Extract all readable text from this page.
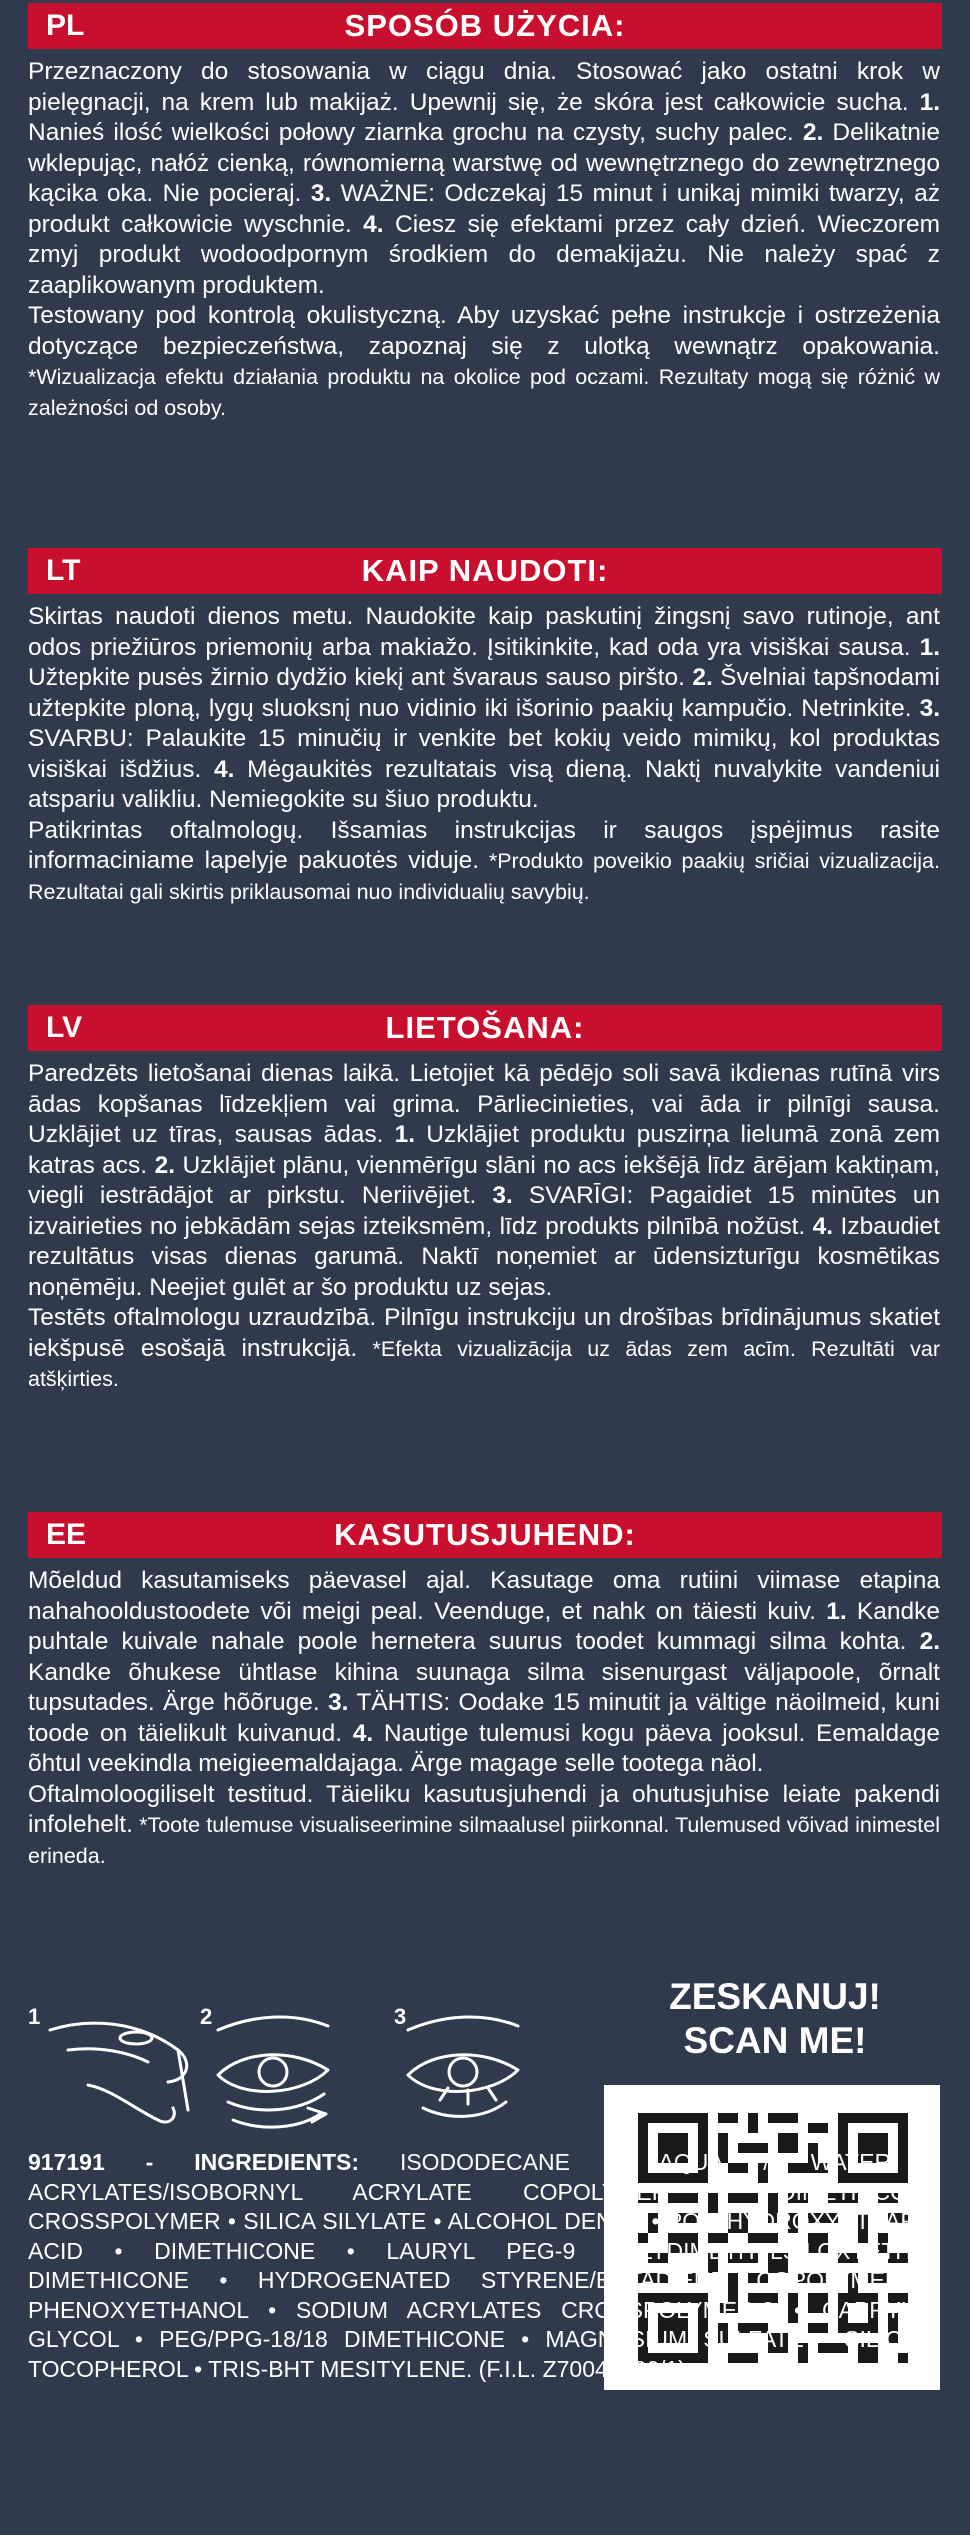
PL	SPOSÓB UŻYCIA:

Przeznaczony do stosowania w ciągu dnia. Stosować jako ostatni krok w pielęgnacji, na krem lub makijaż. Upewnij się, że skóra jest całkowicie sucha. 1. Nanieś ilość wielkości połowy ziarnka grochu na czysty, suchy palec. 2. Delikatnie wklepując, nałóż cienką, równomierną warstwę od wewnętrznego do zewnętrznego kącika oka. Nie pocieraj. 3. WAŻNE: Odczekaj 15 minut i unikaj mimiki twarzy, aż produkt całkowicie wyschnie. 4. Ciesz się efektami przez cały dzień. Wieczorem zmyj produkt wodoodpornym środkiem do demakijażu. Nie należy spać z zaaplikowanym produktem.

Testowany pod kontrolą okulistyczną. Aby uzyskać pełne instrukcje i ostrzeżenia dotyczące bezpieczeństwa, zapoznaj się z ulotką wewnątrz opakowania. *Wizualizacja efektu działania produktu na okolice pod oczami. Rezultaty mogą się różnić w zależności od osoby.

LT	KAIP NAUDOTI:

Skirtas naudoti dienos metu. Naudokite kaip paskutinį žingsnį savo rutinoje, ant odos priežiūros priemonių arba makiažo. Įsitikinkite, kad oda yra visiškai sausa. 1. Užtepkite pusės žirnio dydžio kiekį ant švaraus sauso piršto. 2. Švelniai tapšnodami užtepkite ploną, lygų sluoksnį nuo vidinio iki išorinio paakių kampučio. Netrinkite. 3. SVARBU: Palaukite 15 minučių ir venkite bet kokių veido mimikų, kol produktas visiškai išdžius. 4. Mėgaukitės rezultatais visą dieną. Naktį nuvalykite vandeniui atspariu valikliu. Nemiegokite su šiuo produktu.

Patikrintas oftalmologų. Išsamias instrukcijas ir saugos įspėjimus rasite informaciniame lapelyje pakuotės viduje. *Produkto poveikio paakių sričiai vizualizacija. Rezultatai gali skirtis priklausomai nuo individualių savybių.

LV	LIETOŠANA:

Paredzēts lietošanai dienas laikā. Lietojiet kā pēdējo soli savā ikdienas rutīnā virs ādas kopšanas līdzekļiem vai grima. Pārliecinieties, vai āda ir pilnīgi sausa. Uzklājiet uz tīras, sausas ādas. 1. Uzklājiet produktu puszirņa lielumā zonā zem katras acs. 2. Uzklājiet plānu, vienmērīgu slāni no acs iekšējā līdz ārējam kaktiņam, viegli iestrādājot ar pirkstu. Neriivējiet. 3. SVARĪGI: Pagaidiet 15 minūtes un izvairieties no jebkādām sejas izteiksmēm, līdz produkts pilnībā nožūst. 4. Izbaudiet rezultātus visas dienas garumā. Naktī noņemiet ar ūdensizturīgu kosmētikas noņēmēju. Neejiet gulēt ar šo produktu uz sejas.

Testēts oftalmologu uzraudzībā. Pilnīgu instrukciju un drošības brīdinājumus skatiet iekšpusē esošajā instrukcijā. *Efekta vizualizācija uz ādas zem acīm. Rezultāti var atšķirties.

EE	KASUTUSJUHEND:

Mõeldud kasutamiseks päevasel ajal. Kasutage oma rutiini viimase etapina nahahooldustoodete või meigi peal. Veenduge, et nahk on täiesti kuiv. 1. Kandke puhtale kuivale nahale poole hernetera suurus toodet kummagi silma kohta. 2. Kandke õhukese ühtlase kihina suunaga silma sisenurgast väljapoole, õrnalt tupsutades. Ärge hõõruge. 3. TÄHTIS: Oodake 15 minutit ja vältige näoilmeid, kuni toode on täielikult kuivanud. 4. Nautige tulemusi kogu päeva jooksul. Eemaldage õhtul veekindla meigieemaldajaga. Ärge magage selle tootega näol.

Oftalmoloogiliselt testitud. Täieliku kasutusjuhendi ja ohutusjuhise leiate pakendi infolehelt. *Toote tulemuse visualiseerimine silmaalusel piirkonnal. Tulemused võivad inimestel erineda.

1	2	3	ZESKANUJ!
SCAN ME!
917191 - INGREDIENTS: ISODODECANE • AQUA / WATER • ACRYLATES/ISOBORNYL ACRYLATE COPOLYMER • DIMETHICONE CROSSPOLYMER • SILICA SILYLATE • ALCOHOL DENAT. • POLYHYDROXYSTEARIC ACID • DIMETHICONE • LAURYL PEG-9 POLYDIMETHYLSILOXYETHYL DIMETHICONE • HYDROGENATED STYRENE/BUTADIENE COPOLYMER • PHENOXYETHANOL • SODIUM ACRYLATES CROSSPOLYMER-2 • CAPRYLYL GLYCOL • PEG/PPG-18/18 DIMETHICONE • MAGNESIUM SULFATE • SILICA • TOCOPHEROL • TRIS-BHT MESITYLENE. (F.I.L. Z70044586/1).
